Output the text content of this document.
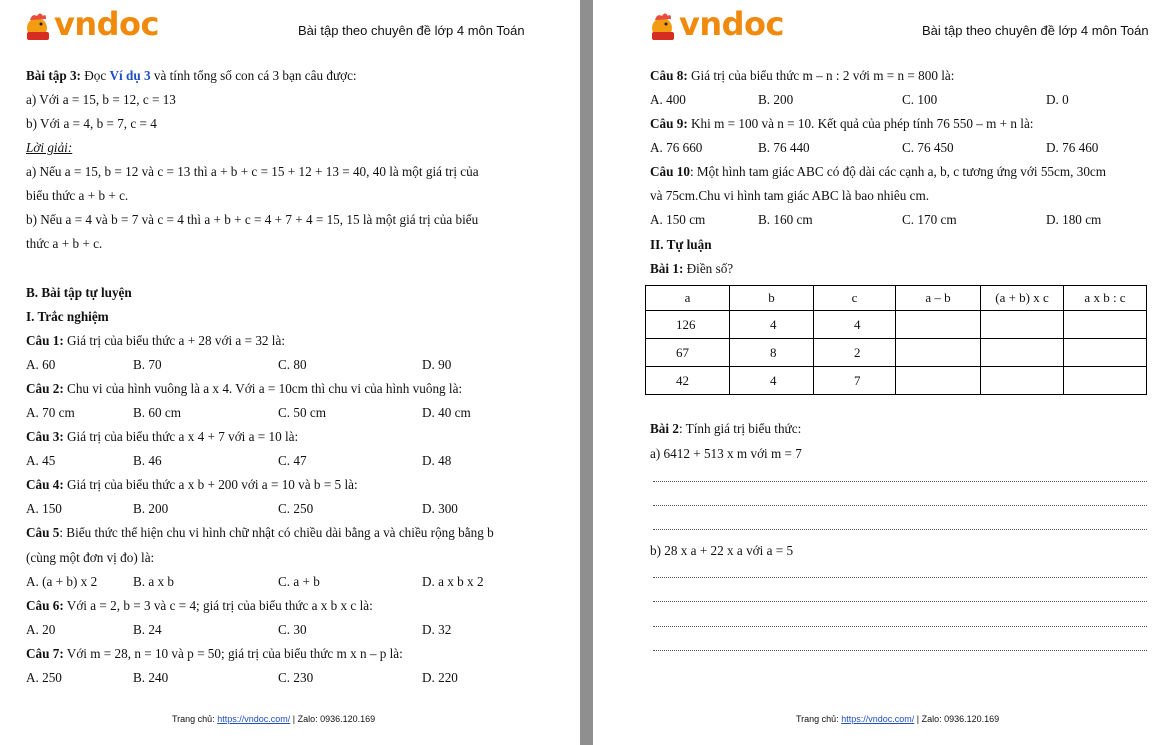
vndoc	Bài tập theo chuyên đề lớp 4 môn Toán
Bài tập 3: Đọc Ví dụ 3 và tính tổng số con cá 3 bạn câu được:
a) Với a = 15, b = 12, c = 13
b) Với a = 4, b = 7, c = 4
Lời giải:
a) Nếu a = 15, b = 12 và c = 13 thì a + b + c = 15 + 12 + 13 = 40, 40 là một giá trị của
biểu thức a + b + c.
b) Nếu a = 4 và b = 7 và c = 4 thì a + b + c = 4 + 7 + 4 = 15, 15 là một giá trị của biểu
thức a + b + c.
B. Bài tập tự luyện
I. Trắc nghiệm
Câu 1: Giá trị của biểu thức a + 28 với a = 32 là:
A. 60	B. 70	C. 80	D. 90
Câu 2: Chu vi của hình vuông là a x 4. Với a = 10cm thì chu vi của hình vuông là:
A. 70 cm	B. 60 cm	C. 50 cm	D. 40 cm
Câu 3: Giá trị của biểu thức a x 4 + 7 với a = 10 là:
A. 45	B. 46	C. 47	D. 48
Câu 4: Giá trị của biểu thức a x b + 200 với a = 10 và b = 5 là:
A. 150	B. 200	C. 250	D. 300
Câu 5: Biểu thức thể hiện chu vi hình chữ nhật có chiều dài bằng a và chiều rộng bằng b
(cùng một đơn vị đo) là:
A. (a + b) x 2	B. a x b	C. a + b	D. a x b x 2
Câu 6: Với a = 2, b = 3 và c = 4; giá trị của biểu thức a x b x c là:
A. 20	B. 24	C. 30	D. 32
Câu 7: Với m = 28, n = 10 và p = 50; giá trị của biểu thức m x n – p là:
A. 250	B. 240	C. 230	D. 220
Trang chủ: https://vndoc.com/ | Zalo: 0936.120.169
vndoc	Bài tập theo chuyên đề lớp 4 môn Toán
Câu 8: Giá trị của biểu thức m – n : 2 với m = n = 800 là:
A. 400	B. 200	C. 100	D. 0
Câu 9: Khi m = 100 và n = 10. Kết quả của phép tính 76 550 – m + n là:
A. 76 660	B. 76 440	C. 76 450	D. 76 460
Câu 10: Một hình tam giác ABC có độ dài các cạnh a, b, c tương ứng với 55cm, 30cm
và 75cm.Chu vi hình tam giác ABC là bao nhiêu cm.
A. 150 cm	B. 160 cm	C. 170 cm	D. 180 cm
II. Tự luận
Bài 1: Điền số?
a	b	c	a – b	(a + b) x c	a x b : c
126	4	4			
67	8	2			
42	4	7			
Bài 2: Tính giá trị biểu thức:
a) 6412 + 513 x m với m = 7
b) 28 x a + 22 x a với a = 5
Trang chủ: https://vndoc.com/ | Zalo: 0936.120.169
